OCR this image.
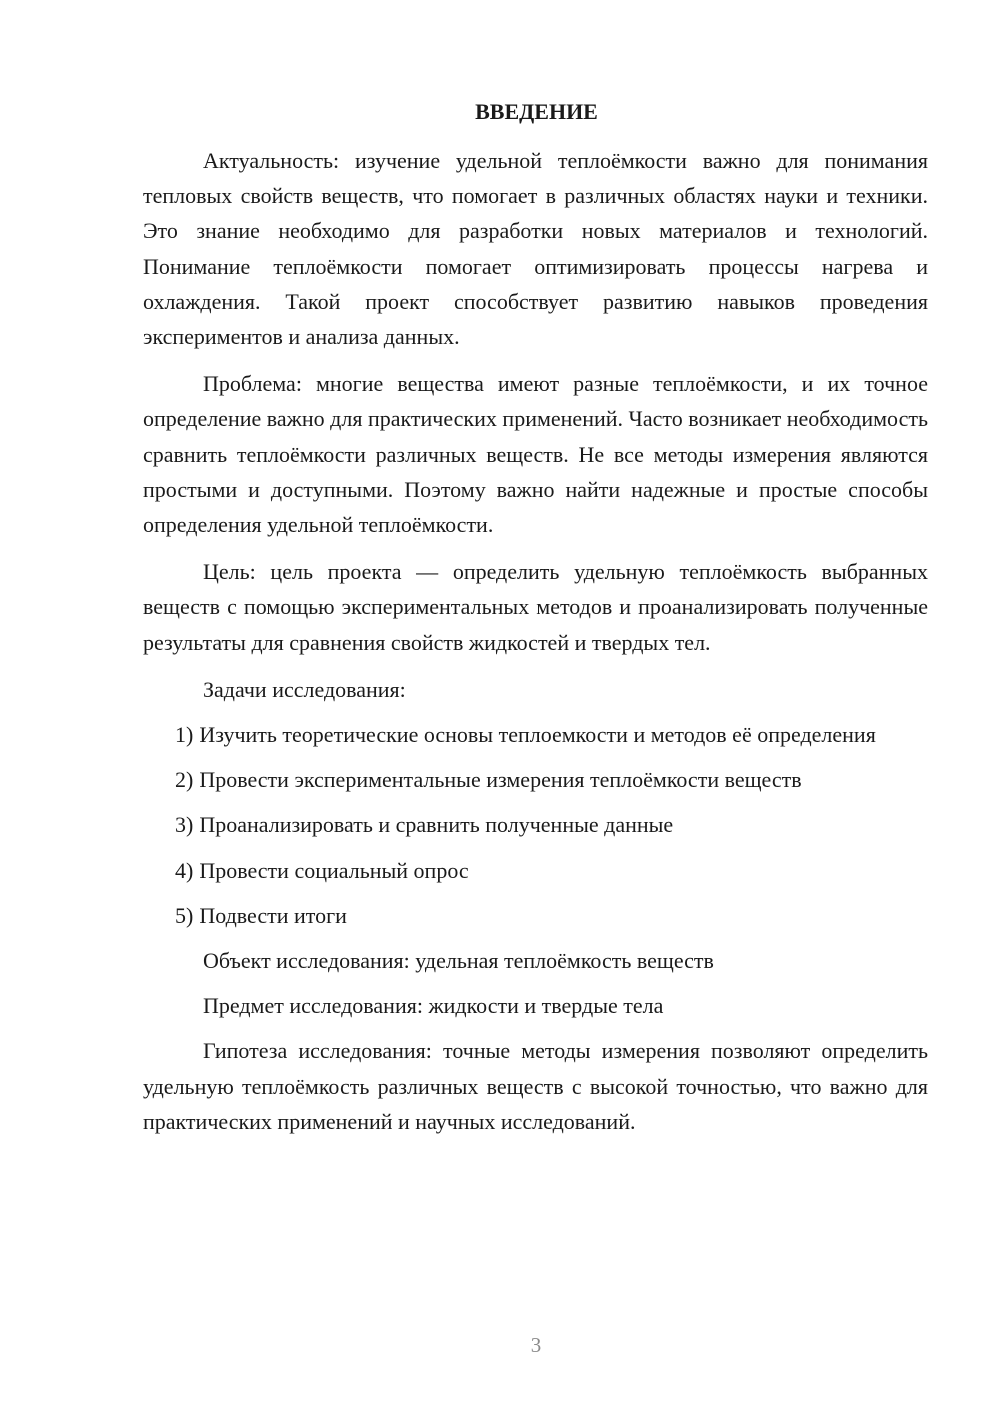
ВВЕДЕНИЕ

Актуальность: изучение удельной теплоёмкости важно для понимания тепловых свойств веществ, что помогает в различных областях науки и техники. Это знание необходимо для разработки новых материалов и технологий. Понимание теплоёмкости помогает оптимизировать процессы нагрева и охлаждения. Такой проект способствует развитию навыков проведения экспериментов и анализа данных.

Проблема: многие вещества имеют разные теплоёмкости, и их точное определение важно для практических применений. Часто возникает необходимость сравнить теплоёмкости различных веществ. Не все методы измерения являются простыми и доступными. Поэтому важно найти надежные и простые способы определения удельной теплоёмкости.

Цель: цель проекта — определить удельную теплоёмкость выбранных веществ с помощью экспериментальных методов и проанализировать полученные результаты для сравнения свойств жидкостей и твердых тел.

Задачи исследования:

1) Изучить теоретические основы теплоемкости и методов её определения

2) Провести экспериментальные измерения теплоёмкости веществ

3) Проанализировать и сравнить полученные данные

4) Провести социальный опрос

5) Подвести итоги

Объект исследования: удельная теплоёмкость веществ

Предмет исследования: жидкости и твердые тела

Гипотеза исследования: точные методы измерения позволяют определить удельную теплоёмкость различных веществ с высокой точностью, что важно для практических применений и научных исследований.

3
